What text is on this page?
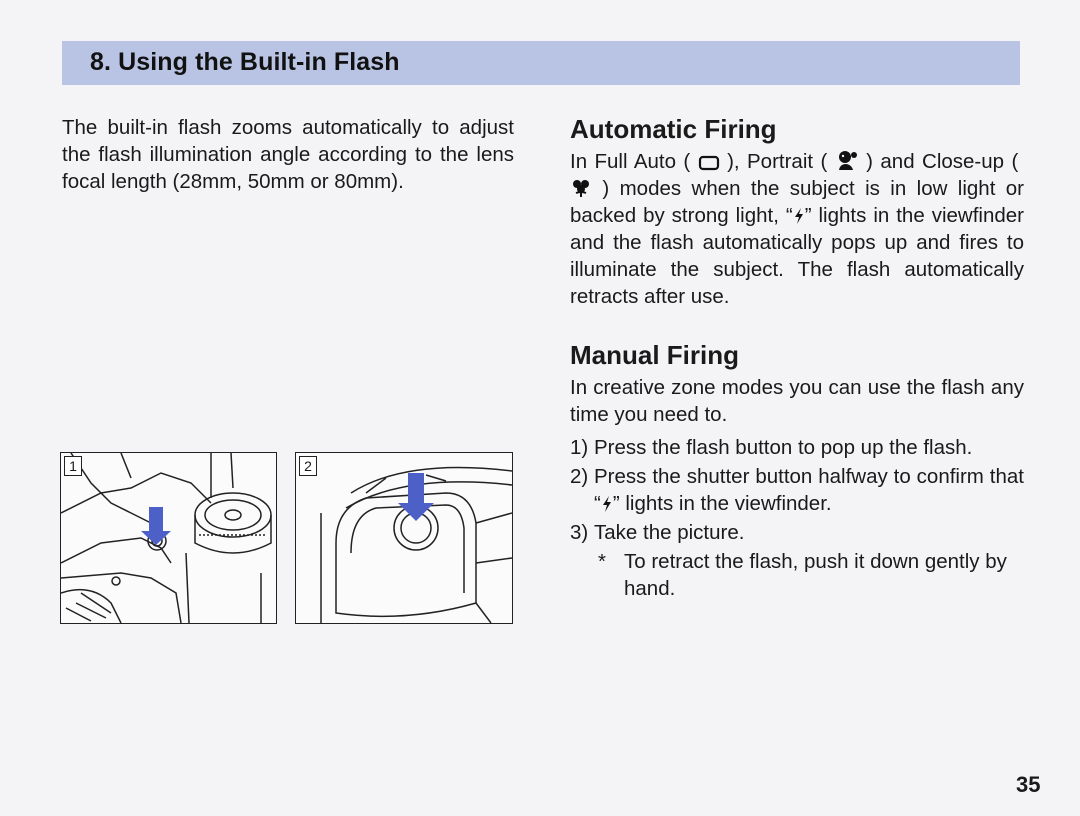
8. Using the Built-in Flash

The built-in flash zooms automatically to adjust the flash illumination angle according to the lens focal length (28mm, 50mm or 80mm).

Automatic Firing

In Full Auto ( ), Portrait ( ) and Close-up (  ) modes when the subject is in low light or backed by strong light, “ ” lights in the viewfinder and the flash automatically pops up and fires to illuminate the subject. The flash automatically retracts after use.

Manual Firing

In creative zone modes you can use the flash any time you need to.

1) Press the flash button to pop up the flash.
2) Press the shutter button halfway to confirm that “ ” lights in the viewfinder.
3) Take the picture.
* To retract the flash, push it down gently by hand.
1	2
35
